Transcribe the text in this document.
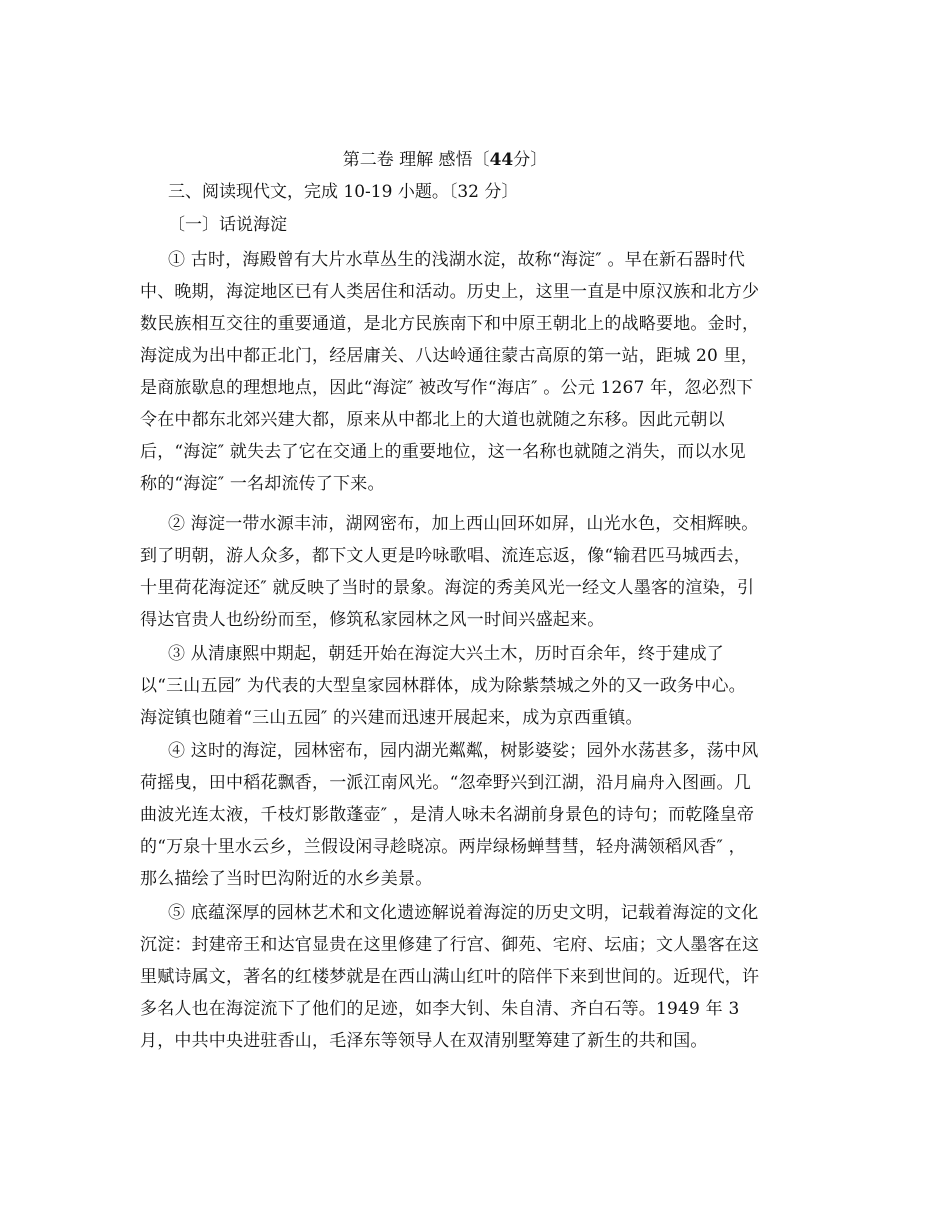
第二卷 理解 感悟〔44分〕
三、阅读现代文，完成 10-19 小题。〔32 分〕
〔一〕话说海淀
① 古时，海殿曾有大片水草丛生的浅湖水淀，故称“海淀″ 。早在新石器时代
中、晚期，海淀地区已有人类居住和活动。历史上，这里一直是中原汉族和北方少
数民族相互交往的重要通道，是北方民族南下和中原王朝北上的战略要地。金时，
海淀成为出中都正北门，经居庸关、八达岭通往蒙古高原的第一站，距城 20 里，
是商旅歇息的理想地点，因此“海淀″ 被改写作“海店″ 。公元 1267 年，忽必烈下
令在中都东北郊兴建大都，原来从中都北上的大道也就随之东移。因此元朝以
后，“海淀″ 就失去了它在交通上的重要地位，这一名称也就随之消失，而以水见
称的“海淀″ 一名却流传了下来。
② 海淀一带水源丰沛，湖网密布，加上西山回环如屏，山光水色，交相辉映。
到了明朝，游人众多，都下文人更是吟咏歌唱、流连忘返，像“输君匹马城西去，
十里荷花海淀还″ 就反映了当时的景象。海淀的秀美风光一经文人墨客的渲染，引
得达官贵人也纷纷而至，修筑私家园林之风一时间兴盛起来。
③ 从清康熙中期起，朝廷开始在海淀大兴土木，历时百余年，终于建成了
以“三山五园″ 为代表的大型皇家园林群体，成为除紫禁城之外的又一政务中心。
海淀镇也随着“三山五园″ 的兴建而迅速开展起来，成为京西重镇。
④ 这时的海淀，园林密布，园内湖光粼粼，树影婆娑；园外水荡甚多，荡中风
荷摇曳，田中稻花飘香，一派江南风光。“忽牵野兴到江湖，沿月扁舟入图画。几
曲波光连太液，千枝灯影散蓬壶″ ，是清人咏未名湖前身景色的诗句；而乾隆皇帝
的“万泉十里水云乡，兰假设闲寻趁晓凉。两岸绿杨蝉彗彗，轻舟满领稻风香″ ，
那么描绘了当时巴沟附近的水乡美景。
⑤ 底蕴深厚的园林艺术和文化遗迹解说着海淀的历史文明，记载着海淀的文化
沉淀：封建帝王和达官显贵在这里修建了行宫、御苑、宅府、坛庙；文人墨客在这
里赋诗属文，著名的红楼梦就是在西山满山红叶的陪伴下来到世间的。近现代，许
多名人也在海淀流下了他们的足迹，如李大钊、朱自清、齐白石等。1949 年 3
月，中共中央进驻香山，毛泽东等领导人在双清别墅筹建了新生的共和国。
